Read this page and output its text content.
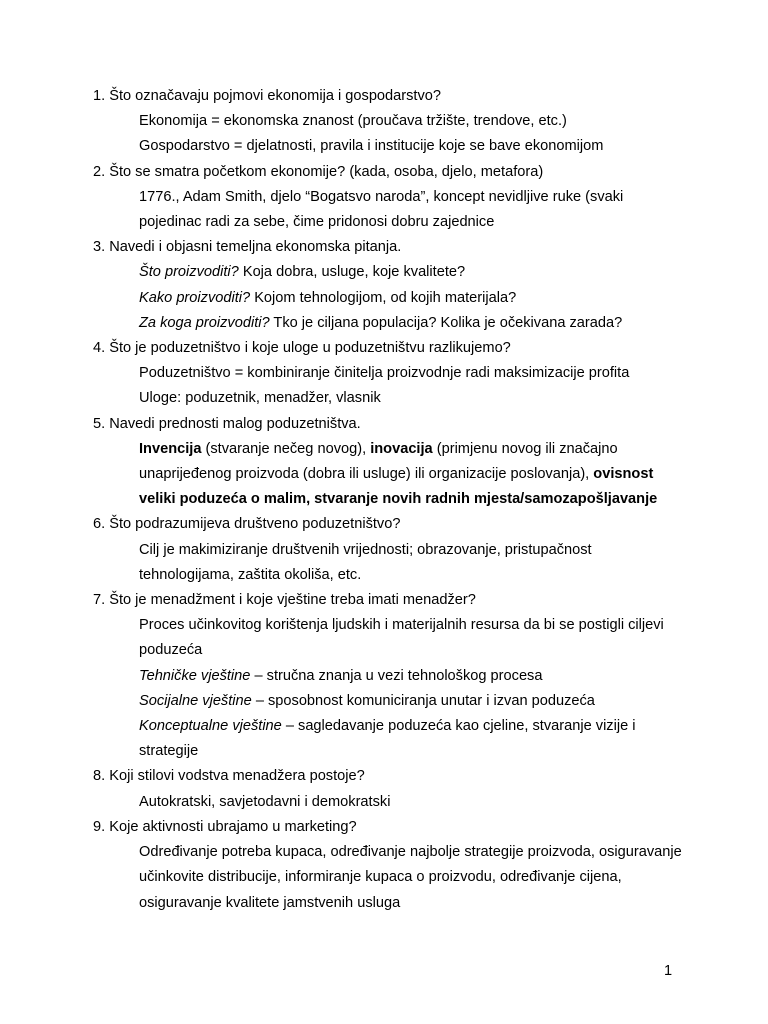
1. Što označavaju pojmovi ekonomija i gospodarstvo?

Ekonomija = ekonomska znanost (proučava tržište, trendove, etc.)

Gospodarstvo = djelatnosti, pravila i institucije koje se bave ekonomijom

2. Što se smatra početkom ekonomije? (kada, osoba, djelo, metafora)

1776., Adam Smith, djelo “Bogatsvo naroda”, koncept nevidljive ruke (svaki pojedinac radi za sebe, čime pridonosi dobru zajednice

3. Navedi i objasni temeljna ekonomska pitanja.

Što proizvoditi? Koja dobra, usluge, koje kvalitete?

Kako proizvoditi? Kojom tehnologijom, od kojih materijala?

Za koga proizvoditi? Tko je ciljana populacija? Kolika je očekivana zarada?

4. Što je poduzetništvo i koje uloge u poduzetništvu razlikujemo?

Poduzetništvo = kombiniranje činitelja proizvodnje radi maksimizacije profita

Uloge: poduzetnik, menadžer, vlasnik

5. Navedi prednosti malog poduzetništva.

Invencija (stvaranje nečeg novog), inovacija (primjenu novog ili značajno unaprijeđenog proizvoda (dobra ili usluge) ili organizacije poslovanja), ovisnost veliki poduzeća o malim, stvaranje novih radnih mjesta/samozapošljavanje

6. Što podrazumijeva društveno poduzetništvo?

Cilj je makimiziranje društvenih vrijednosti; obrazovanje, pristupačnost tehnologijama, zaštita okoliša, etc.

7. Što je menadžment i koje vještine treba imati menadžer?

Proces učinkovitog korištenja ljudskih i materijalnih resursa da bi se postigli ciljevi poduzeća

Tehničke vještine – stručna znanja u vezi tehnološkog procesa

Socijalne vještine – sposobnost komuniciranja unutar i izvan poduzeća

Konceptualne vještine – sagledavanje poduzeća kao cjeline, stvaranje vizije i strategije

8. Koji stilovi vodstva menadžera postoje?

Autokratski, savjetodavni i demokratski

9. Koje aktivnosti ubrajamo u marketing?

Određivanje potreba kupaca, određivanje najbolje strategije proizvoda, osiguravanje učinkovite distribucije, informiranje kupaca o proizvodu, određivanje cijena, osiguravanje kvalitete jamstvenih usluga

1
